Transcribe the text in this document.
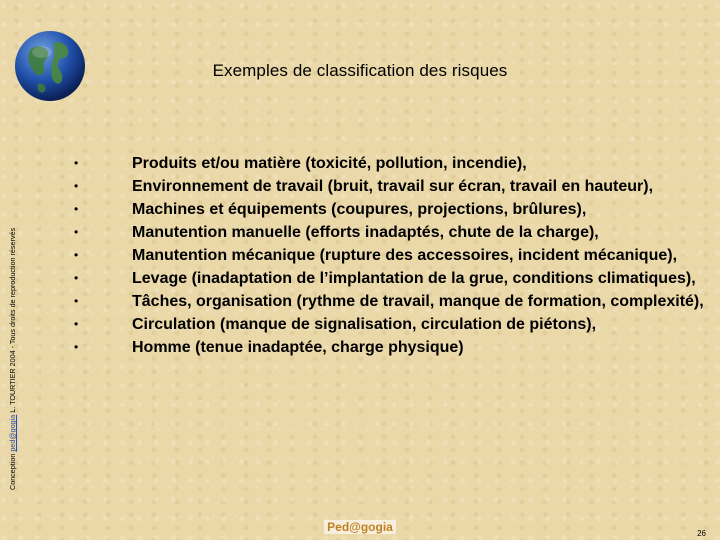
Exemples de classification des risques
Conception ped@gogia L. TOURTIER 2004 - Tous droits de reproduction réservés
•	Produits et/ou matière (toxicité, pollution, incendie),
•	Environnement de travail (bruit, travail sur écran, travail en hauteur),
•	Machines et équipements (coupures, projections, brûlures),
•	Manutention manuelle (efforts inadaptés, chute de la charge),
•	Manutention mécanique (rupture des accessoires, incident mécanique),
•	Levage (inadaptation de l’implantation de la grue, conditions climatiques),
•	Tâches, organisation (rythme de travail, manque de formation, complexité),
•	Circulation (manque de signalisation, circulation de piétons),
•	Homme (tenue inadaptée, charge physique)
Ped@gogia	26
